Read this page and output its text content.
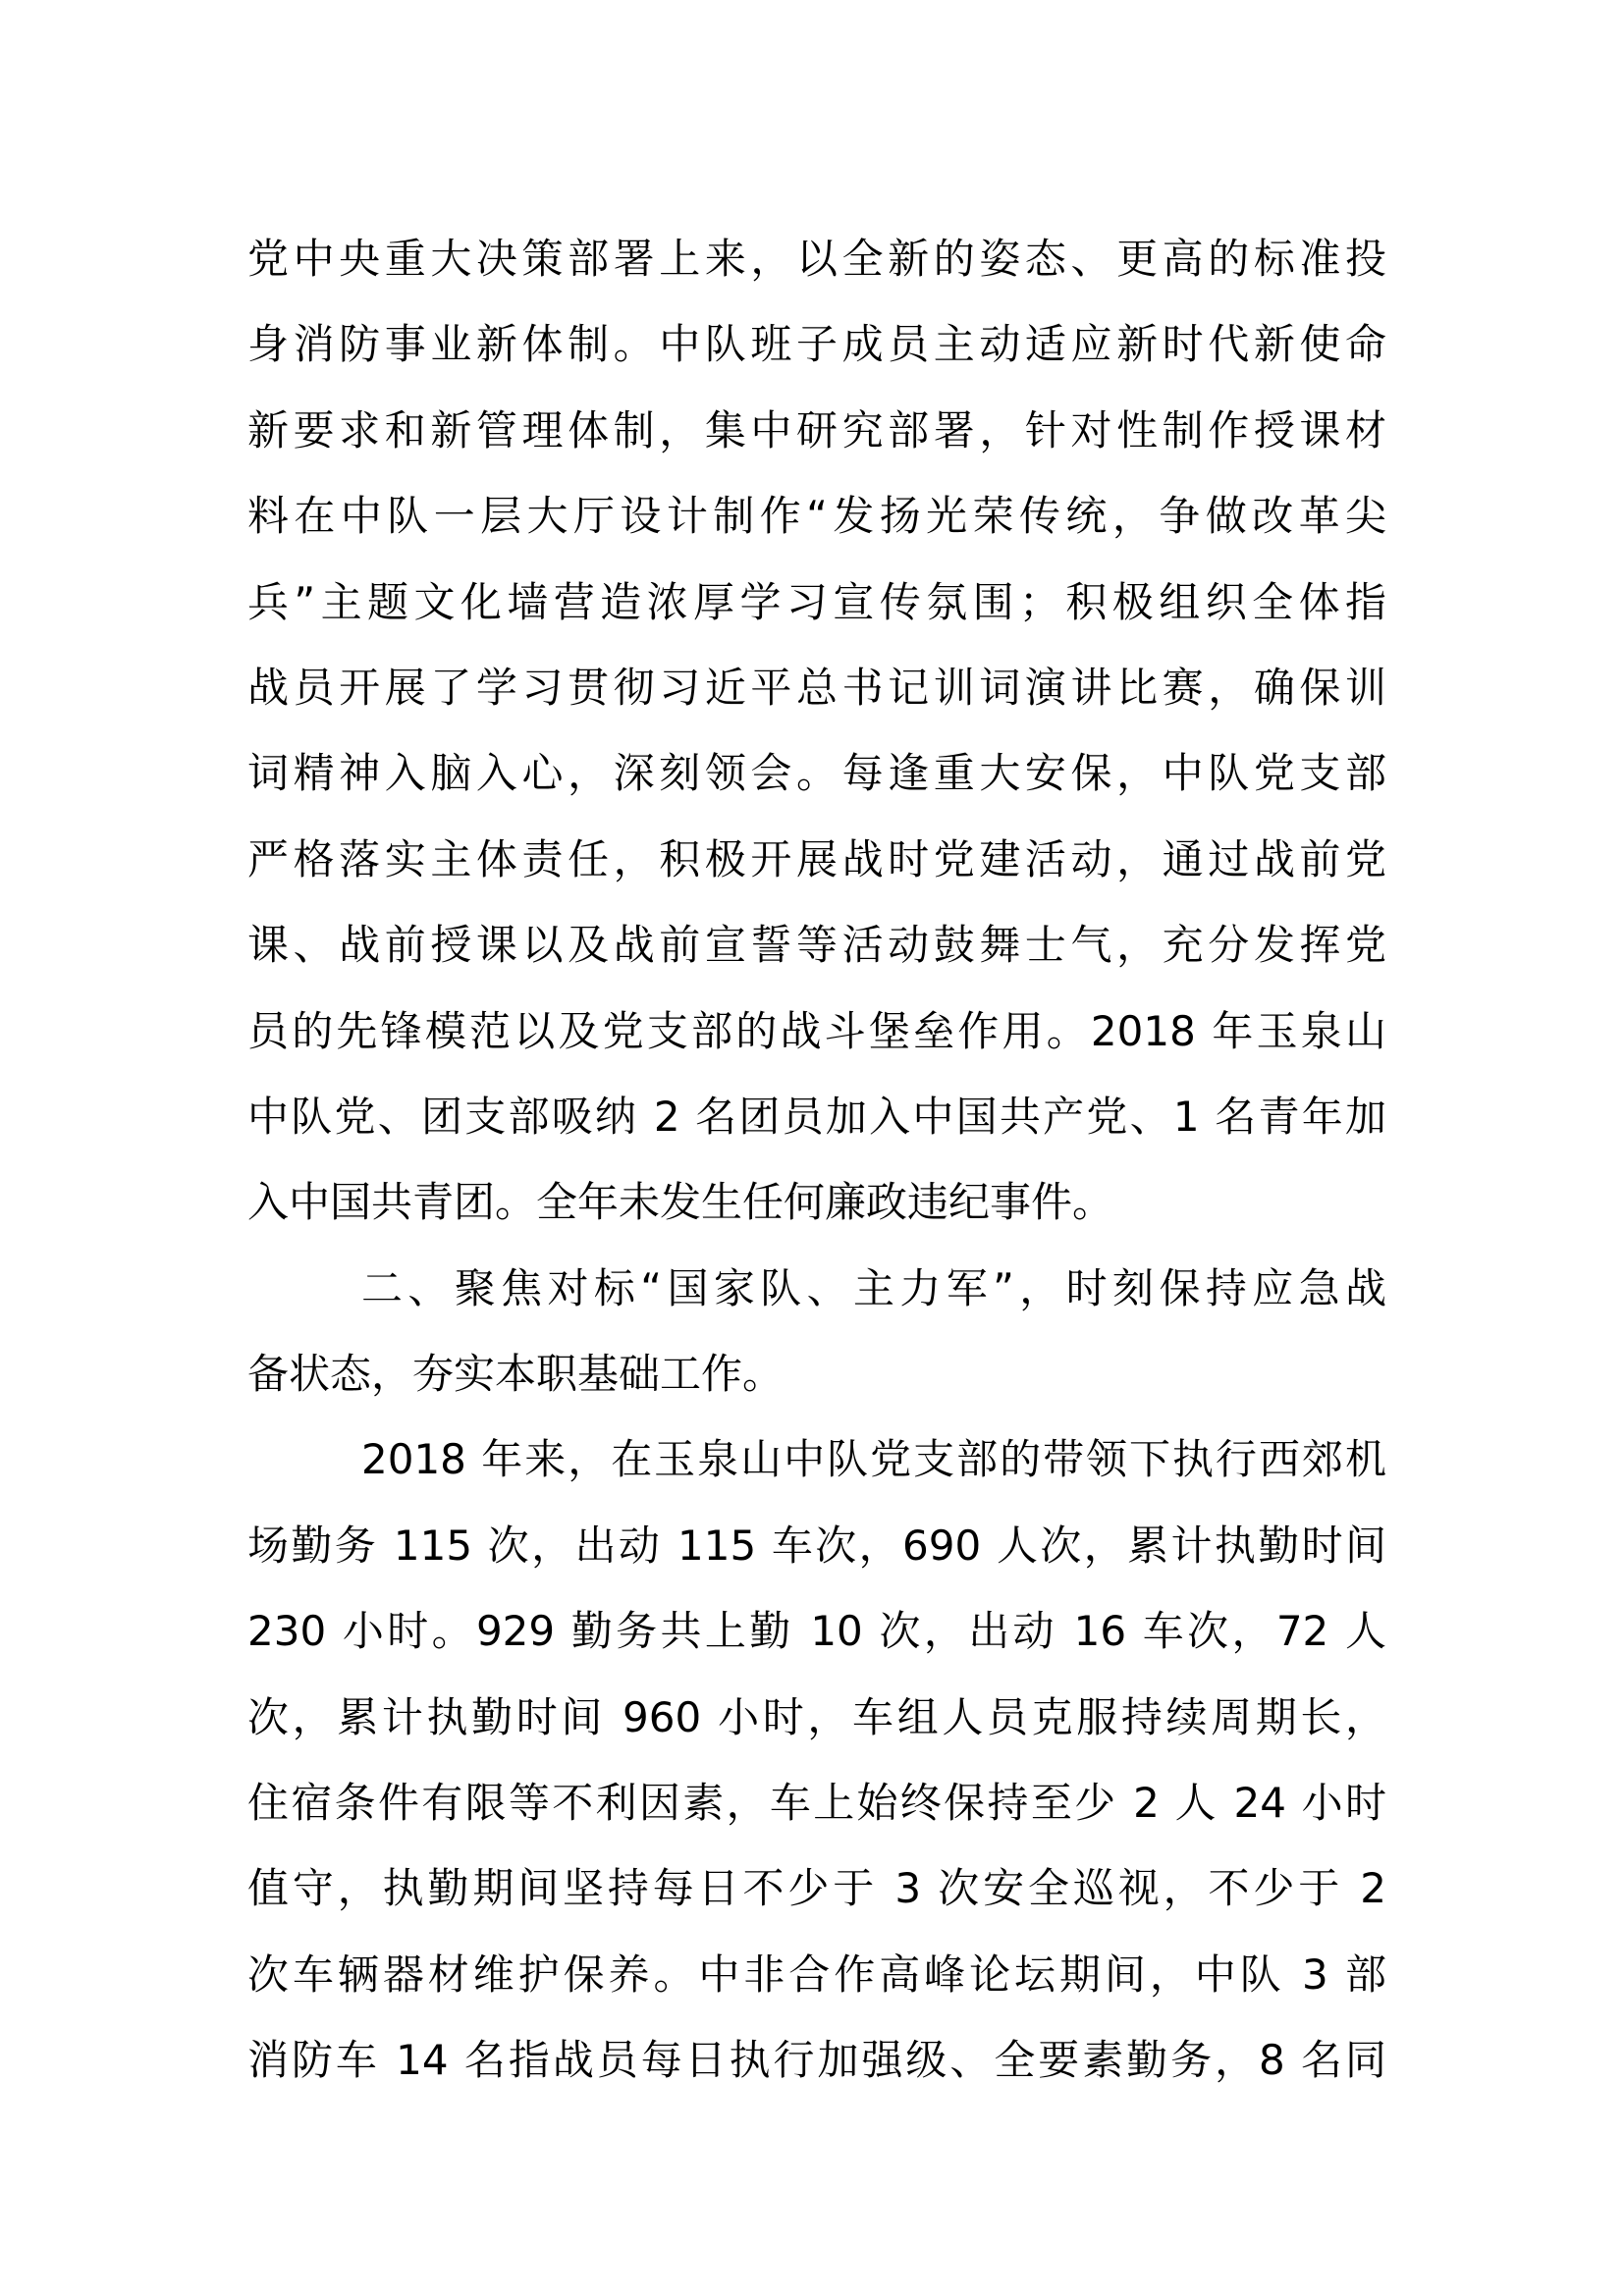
党中央重大决策部署上来，以全新的姿态、更高的标准投
身消防事业新体制。中队班子成员主动适应新时代新使命
新要求和新管理体制，集中研究部署，针对性制作授课材
料在中队一层大厅设计制作“发扬光荣传统，争做改革尖
兵”主题文化墙营造浓厚学习宣传氛围；积极组织全体指
战员开展了学习贯彻习近平总书记训词演讲比赛，确保训
词精神入脑入心，深刻领会。每逢重大安保，中队党支部
严格落实主体责任，积极开展战时党建活动，通过战前党
课、战前授课以及战前宣誓等活动鼓舞士气，充分发挥党
员的先锋模范以及党支部的战斗堡垒作用。2018 年玉泉山
中队党、团支部吸纳 2 名团员加入中国共产党、1 名青年加
入中国共青团。全年未发生任何廉政违纪事件。
二、聚焦对标“国家队、主力军”，时刻保持应急战
备状态，夯实本职基础工作。
2018 年来，在玉泉山中队党支部的带领下执行西郊机
场勤务 115 次，出动 115 车次，690 人次，累计执勤时间
230 小时。929 勤务共上勤 10 次，出动 16 车次，72 人
次，累计执勤时间 960 小时，车组人员克服持续周期长，
住宿条件有限等不利因素，车上始终保持至少 2 人 24 小时
值守，执勤期间坚持每日不少于 3 次安全巡视，不少于 2
次车辆器材维护保养。中非合作高峰论坛期间，中队 3 部
消防车 14 名指战员每日执行加强级、全要素勤务，8 名同
